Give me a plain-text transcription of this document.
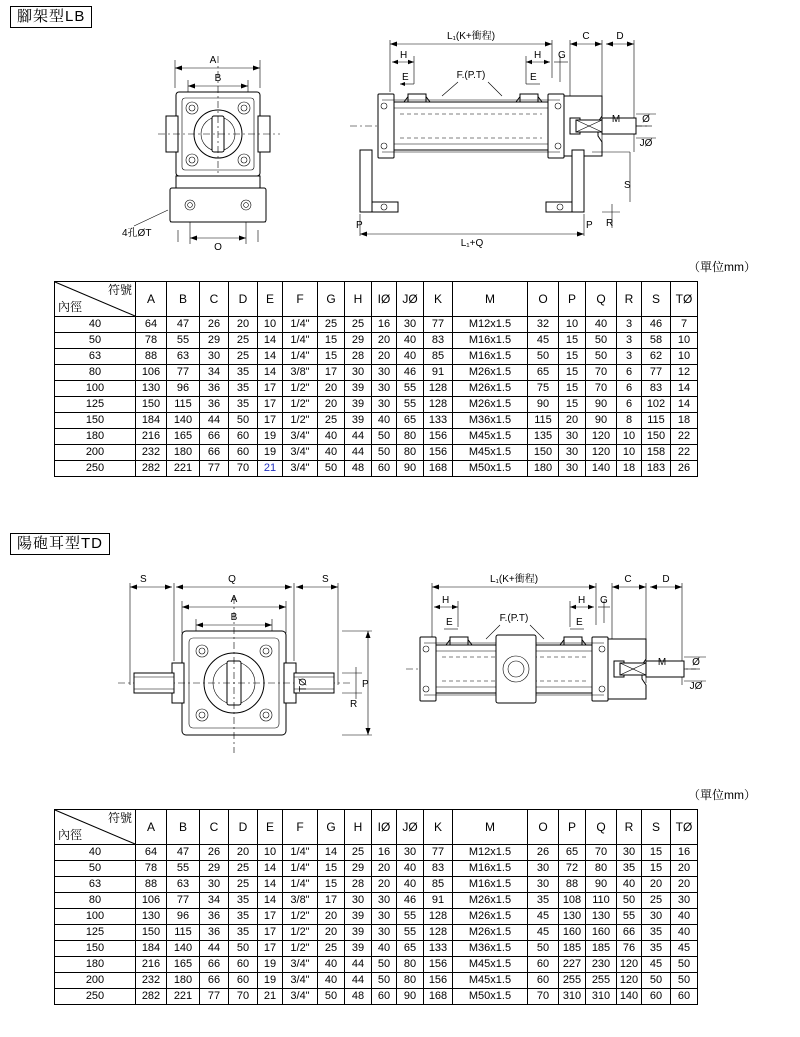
腳架型LB
A
B
4孔ØT
O
L₁(K+衝程)	C	D
H	H G
E	E
F.(P.T)
M Ø
JØ
P	P
L₁+Q
S
R
（單位mm）
符號
內徑	A	B	C	D	E	F	G	H	IØ	JØ	K	M	O	P	Q	R	S	TØ
40	64	47	26	20	10	1/4"	25	25	16	30	77	M12x1.5	32	10	40	3	46	7
50	78	55	29	25	14	1/4"	15	29	20	40	83	M16x1.5	45	15	50	3	58	10
63	88	63	30	25	14	1/4"	15	28	20	40	85	M16x1.5	50	15	50	3	62	10
80	106	77	34	35	14	3/8"	17	30	30	46	91	M26x1.5	65	15	70	6	77	12
100	130	96	36	35	17	1/2"	20	39	30	55	128	M26x1.5	75	15	70	6	83	14
125	150	115	36	35	17	1/2"	20	39	30	55	128	M26x1.5	90	15	90	6	102	14
150	184	140	44	50	17	1/2"	25	39	40	65	133	M36x1.5	115	20	90	8	115	18
180	216	165	66	60	19	3/4"	40	44	50	80	156	M45x1.5	135	30	120	10	150	22
200	232	180	66	60	19	3/4"	40	44	50	80	156	M45x1.5	150	30	120	10	158	22
250	282	221	77	70	21	3/4"	50	48	60	90	168	M50x1.5	180	30	140	18	183	26
陽砲耳型TD
S	Q	S
A
B
TØ
R
P
L₁(K+衝程)	C	D
H	H G
E	E
F.(P.T)
M	Ø
JØ
（單位mm）
符號
內徑	A	B	C	D	E	F	G	H	IØ	JØ	K	M	O	P	Q	R	S	TØ
40	64	47	26	20	10	1/4"	14	25	16	30	77	M12x1.5	26	65	70	30	15	16
50	78	55	29	25	14	1/4"	15	29	20	40	83	M16x1.5	30	72	80	35	15	20
63	88	63	30	25	14	1/4"	15	28	20	40	85	M16x1.5	30	88	90	40	20	20
80	106	77	34	35	14	3/8"	17	30	30	46	91	M26x1.5	35	108	110	50	25	30
100	130	96	36	35	17	1/2"	20	39	30	55	128	M26x1.5	45	130	130	55	30	40
125	150	115	36	35	17	1/2"	20	39	30	55	128	M26x1.5	45	160	160	66	35	40
150	184	140	44	50	17	1/2"	25	39	40	65	133	M36x1.5	50	185	185	76	35	45
180	216	165	66	60	19	3/4"	40	44	50	80	156	M45x1.5	60	227	230	120	45	50
200	232	180	66	60	19	3/4"	40	44	50	80	156	M45x1.5	60	255	255	120	50	50
250	282	221	77	70	21	3/4"	50	48	60	90	168	M50x1.5	70	310	310	140	60	60
